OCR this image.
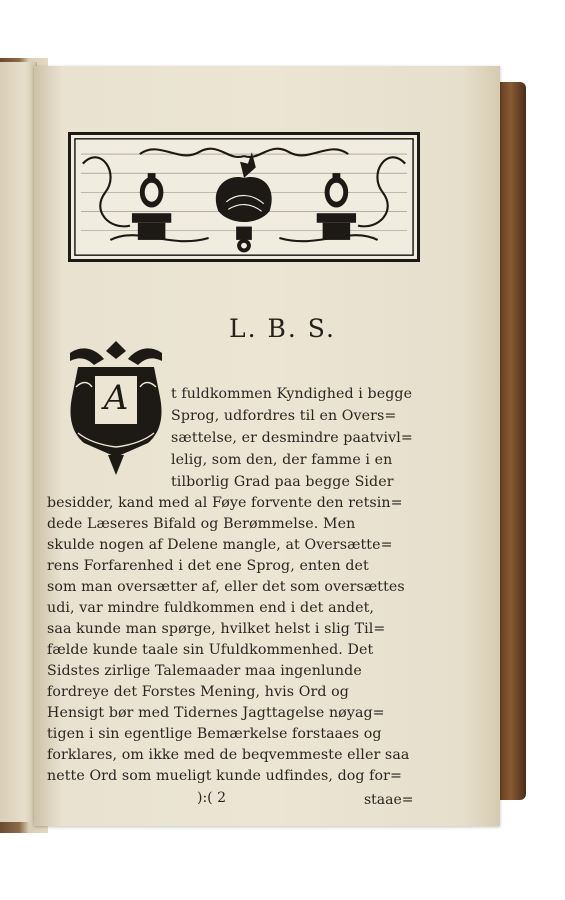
L. B. S.
A	t fuldkommen Kyndighed i begge
Sprog, udfordres til en Overs=
sættelse, er desmindre paatvivl=
lelig, som den, der famme i en
tilborlig Grad paa begge Sider
besidder, kand med al Føye forvente den retsin=
dede Læseres Bifald og Berømmelse. Men
skulde nogen af Delene mangle, at Oversætte=
rens Forfarenhed i det ene Sprog, enten det
som man oversætter af, eller det som oversættes
udi, var mindre fuldkommen end i det andet,
saa kunde man spørge, hvilket helst i slig Til=
fælde kunde taale sin Ufuldkommenhed. Det
Sidstes zirlige Talemaader maa ingenlunde
fordreye det Forstes Mening, hvis Ord og
Hensigt bør med Tidernes Jagttagelse nøyag=
tigen i sin egentlige Bemærkelse forstaaes og
forklares, om ikke med de beqvemmeste eller saa
nette Ord som mueligt kunde udfindes, dog for=
):( 2	staae=
